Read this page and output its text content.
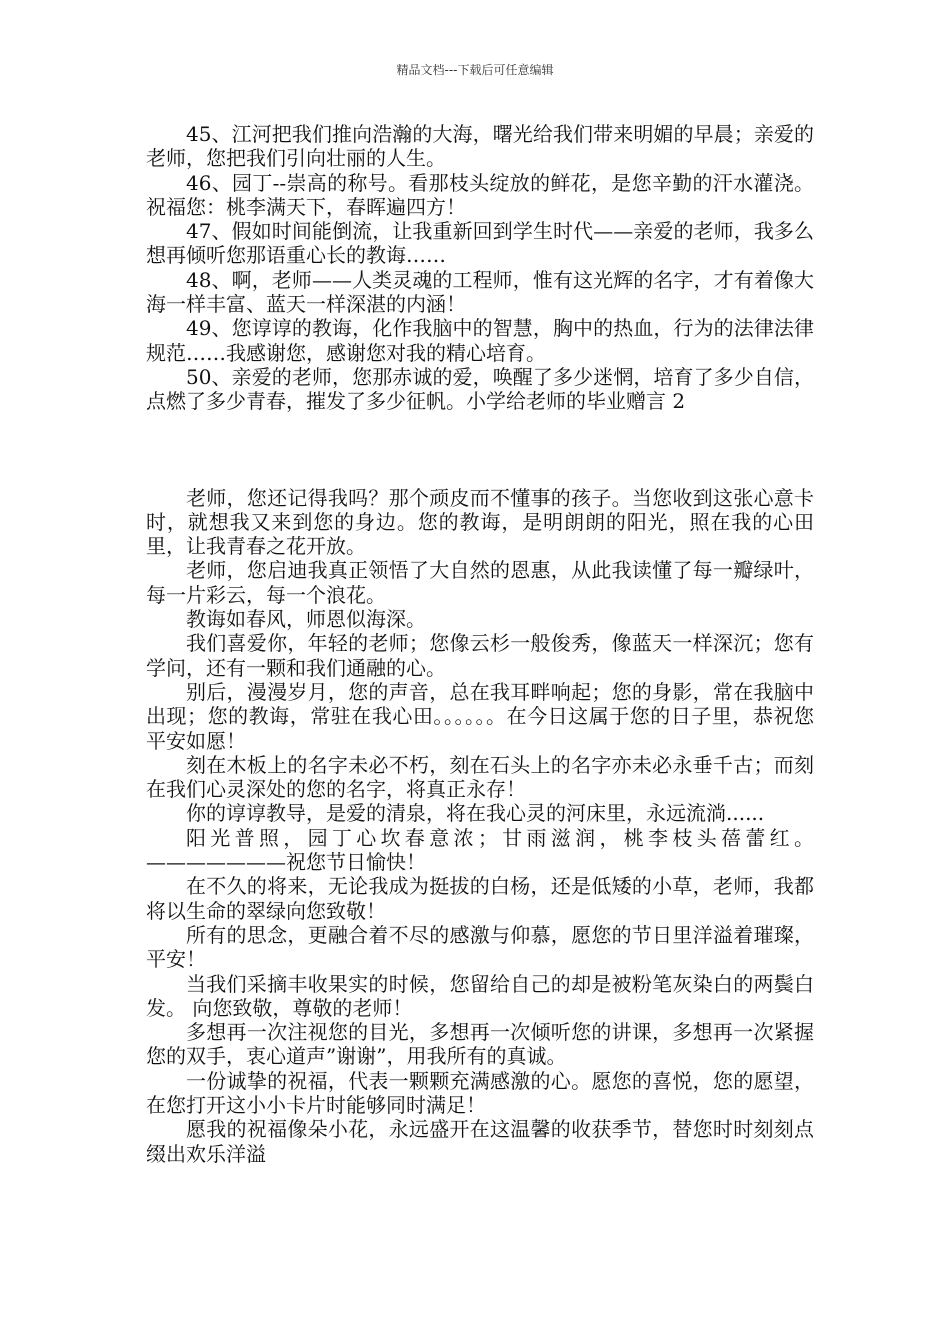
精品文档---下载后可任意编辑

45、江河把我们推向浩瀚的大海，曙光给我们带来明媚的早晨；亲爱的老师，您把我们引向壮丽的人生。

46、园丁--崇高的称号。看那枝头绽放的鲜花，是您辛勤的汗水灌浇。祝福您：桃李满天下，春晖遍四方！

47、假如时间能倒流，让我重新回到学生时代——亲爱的老师，我多么想再倾听您那语重心长的教诲……

48、啊，老师——人类灵魂的工程师，惟有这光辉的名字，才有着像大海一样丰富、蓝天一样深湛的内涵！

49、您谆谆的教诲，化作我脑中的智慧，胸中的热血，行为的法律法律规范……我感谢您，感谢您对我的精心培育。

50、亲爱的老师，您那赤诚的爱，唤醒了多少迷惘，培育了多少自信，点燃了多少青春，摧发了多少征帆。小学给老师的毕业赠言 2

老师，您还记得我吗？那个顽皮而不懂事的孩子。当您收到这张心意卡时，就想我又来到您的身边。您的教诲，是明朗朗的阳光，照在我的心田里，让我青春之花开放。

老师，您启迪我真正领悟了大自然的恩惠，从此我读懂了每一瓣绿叶，每一片彩云，每一个浪花。

教诲如春风，师恩似海深。

我们喜爱你，年轻的老师；您像云杉一般俊秀，像蓝天一样深沉；您有学问，还有一颗和我们通融的心。

别后，漫漫岁月，您的声音，总在我耳畔响起；您的身影，常在我脑中出现；您的教诲，常驻在我心田。。。。。。在今日这属于您的日子里，恭祝您平安如愿！

刻在木板上的名字未必不朽，刻在石头上的名字亦未必永垂千古；而刻在我们心灵深处的您的名字，将真正永存！

你的谆谆教导，是爱的清泉，将在我心灵的河床里，永远流淌......

阳光普照，园丁心坎春意浓；甘雨滋润，桃李枝头蓓蕾红。———————祝您节日愉快！

在不久的将来，无论我成为挺拔的白杨，还是低矮的小草，老师，我都将以生命的翠绿向您致敬！

所有的思念，更融合着不尽的感激与仰慕，愿您的节日里洋溢着璀璨，平安！

当我们采摘丰收果实的时候，您留给自己的却是被粉笔灰染白的两鬓白发。 向您致敬，尊敬的老师！

多想再一次注视您的目光，多想再一次倾听您的讲课，多想再一次紧握您的双手，衷心道声”谢谢”，用我所有的真诚。

一份诚挚的祝福，代表一颗颗充满感激的心。愿您的喜悦，您的愿望，在您打开这小小卡片时能够同时满足！

愿我的祝福像朵小花，永远盛开在这温馨的收获季节，替您时时刻刻点缀出欢乐洋溢
